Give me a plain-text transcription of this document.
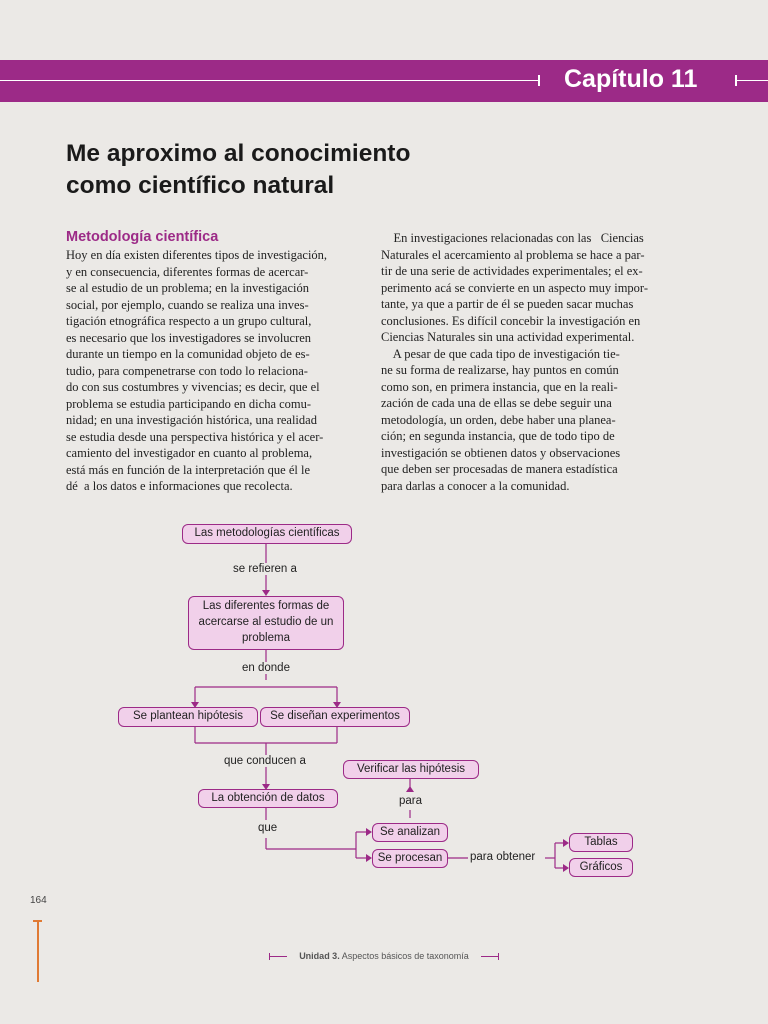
Capítulo 11
Me aproximo al conocimiento
como científico natural
Metodología científica
Hoy en día existen diferentes tipos de investigación,
y en consecuencia, diferentes formas de acercar-
se al estudio de un problema; en la investigación
social, por ejemplo, cuando se realiza una inves-
tigación etnográfica respecto a un grupo cultural,
es necesario que los investigadores se involucren
durante un tiempo en la comunidad objeto de es-
tudio, para compenetrarse con todo lo relaciona-
do con sus costumbres y vivencias; es decir, que el
problema se estudia participando en dicha comu-
nidad; en una investigación histórica, una realidad
se estudia desde una perspectiva histórica y el acer-
camiento del investigador en cuanto al problema,
está más en función de la interpretación que él le
dé  a los datos e informaciones que recolecta.
En investigaciones relacionadas con las   Ciencias
Naturales el acercamiento al problema se hace a par-
tir de una serie de actividades experimentales; el ex-
perimento acá se convierte en un aspecto muy impor-
tante, ya que a partir de él se pueden sacar muchas
conclusiones. Es difícil concebir la investigación en
Ciencias Naturales sin una actividad experimental.
A pesar de que cada tipo de investigación tie-
ne su forma de realizarse, hay puntos en común
como son, en primera instancia, que en la reali-
zación de cada una de ellas se debe seguir una
metodología, un orden, debe haber una planea-
ción; en segunda instancia, que de todo tipo de
investigación se obtienen datos y observaciones
que deben ser procesadas de manera estadística
para darlas a conocer a la comunidad.
Las metodologías científicas
se refieren a
Las diferentes formas de acercarse al estudio de un problema
en donde
Se plantean hipótesis	Se diseñan experimentos
que conducen a
Verificar las hipótesis
para
La obtención de datos
que	Se analizan
Se procesan	para obtener
Tablas
Gráficos
164
Unidad 3. Aspectos básicos de taxonomía
